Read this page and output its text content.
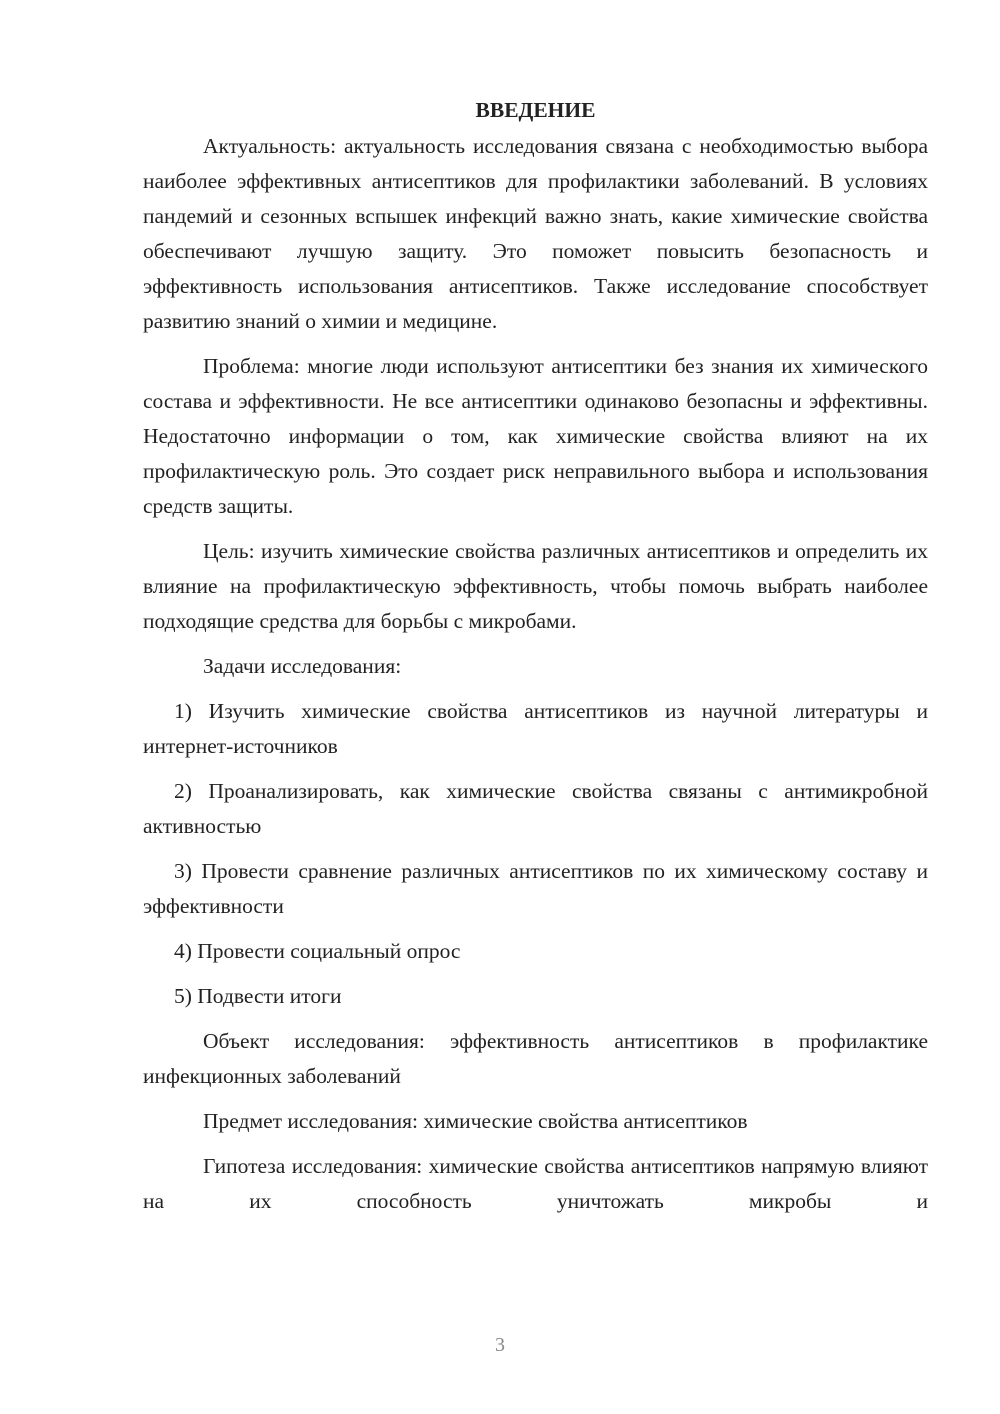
ВВЕДЕНИЕ

Актуальность: актуальность исследования связана с необходимостью выбора наиболее эффективных антисептиков для профилактики заболеваний. В условиях пандемий и сезонных вспышек инфекций важно знать, какие химические свойства обеспечивают лучшую защиту. Это поможет повысить безопасность и эффективность использования антисептиков. Также исследование способствует развитию знаний о химии и медицине.

Проблема: многие люди используют антисептики без знания их химического состава и эффективности. Не все антисептики одинаково безопасны и эффективны. Недостаточно информации о том, как химические свойства влияют на их профилактическую роль. Это создает риск неправильного выбора и использования средств защиты.

Цель: изучить химические свойства различных антисептиков и определить их влияние на профилактическую эффективность, чтобы помочь выбрать наиболее подходящие средства для борьбы с микробами.

Задачи исследования:

1) Изучить химические свойства антисептиков из научной литературы и интернет-источников

2) Проанализировать, как химические свойства связаны с антимикробной активностью

3) Провести сравнение различных антисептиков по их химическому составу и эффективности

4) Провести социальный опрос

5) Подвести итоги

Объект исследования: эффективность антисептиков в профилактике инфекционных заболеваний

Предмет исследования: химические свойства антисептиков

Гипотеза исследования: химические свойства антисептиков напрямую влияют на их способность уничтожать микробы и

3
